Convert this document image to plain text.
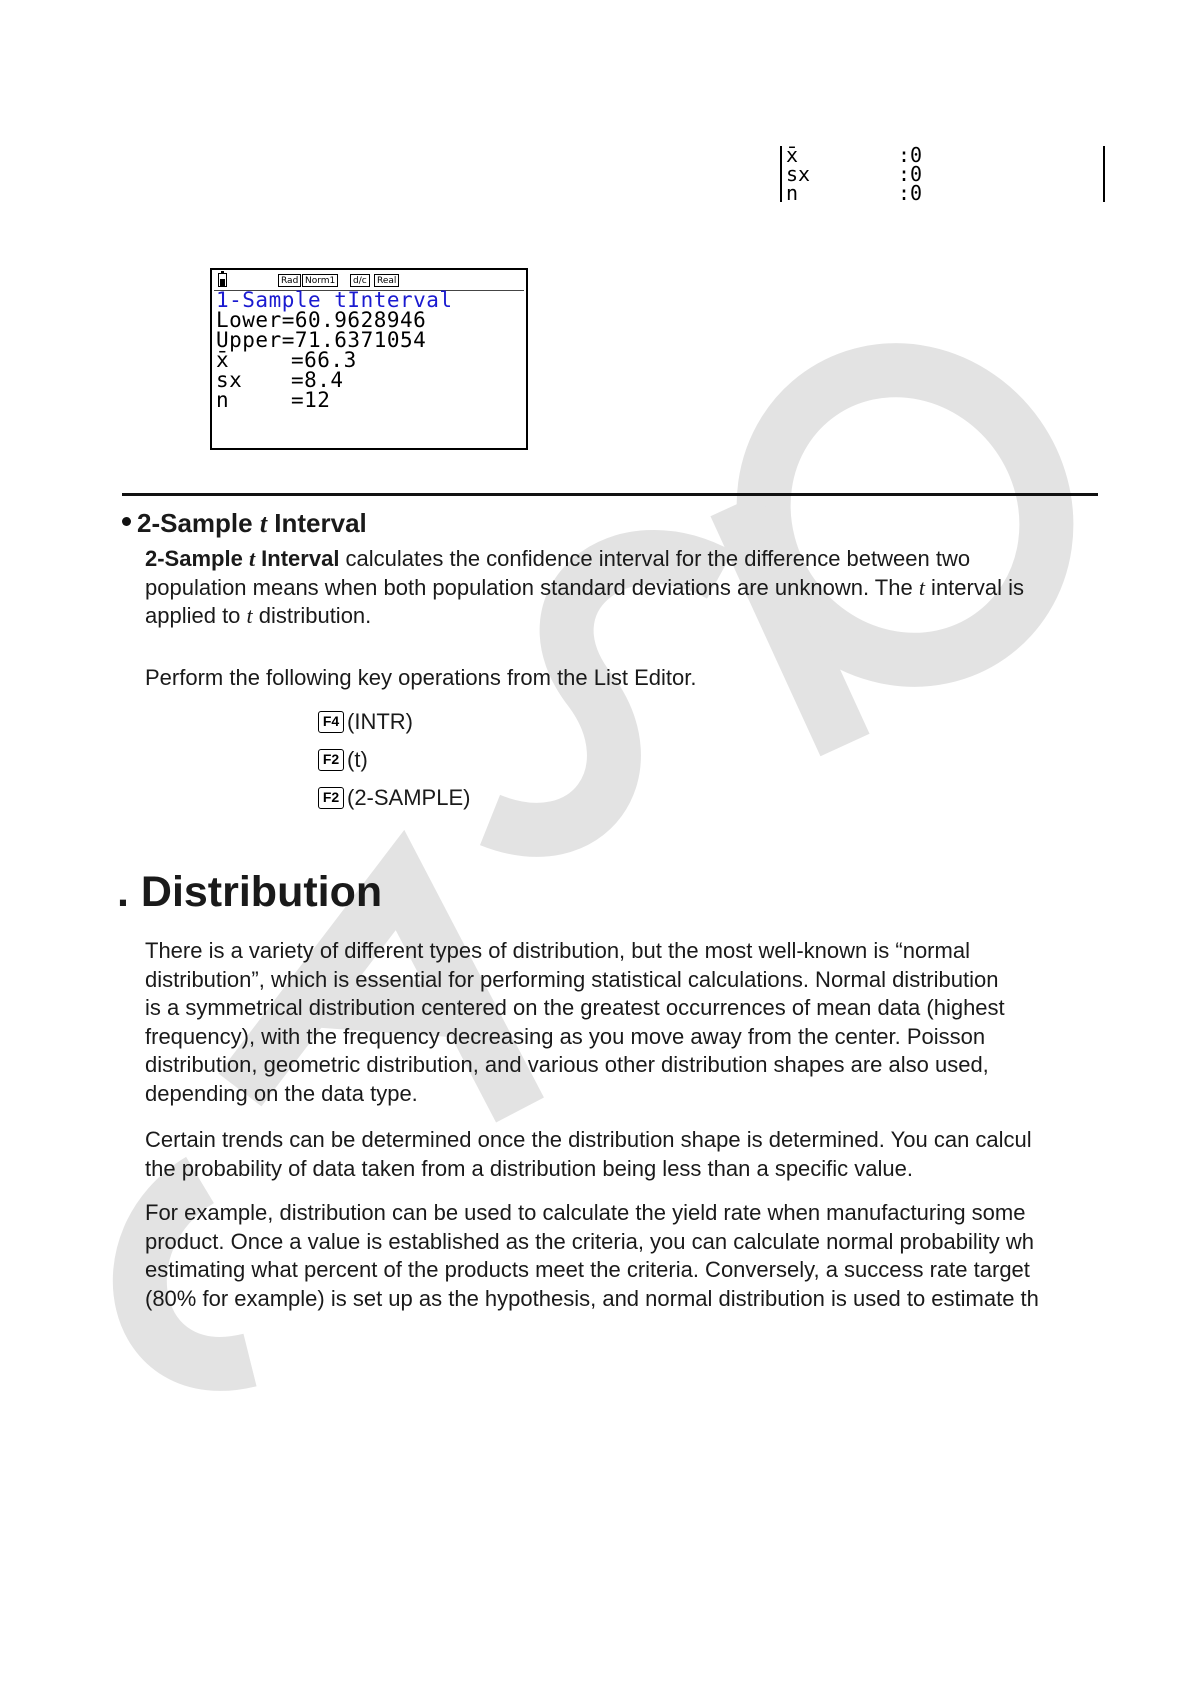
x̄	:0
sx	:0
n	:0
Rad Norm1	d/c	Real
1-Sample tInterval
Lower=60.9628946
Upper=71.6371054
x̄	=66.3
sx =8.4
n	=12
2-Sample t Interval
2-Sample t Interval calculates the confidence interval for the difference between two
population means when both population standard deviations are unknown. The t interval is
applied to t distribution.
Perform the following key operations from the List Editor.
F4 (INTR)
F2 (t)
F2 (2-SAMPLE)
. Distribution
There is a variety of different types of distribution, but the most well-known is “normal
distribution”, which is essential for performing statistical calculations. Normal distribution
is a symmetrical distribution centered on the greatest occurrences of mean data (highest
frequency), with the frequency decreasing as you move away from the center. Poisson
distribution, geometric distribution, and various other distribution shapes are also used,
depending on the data type.
Certain trends can be determined once the distribution shape is determined. You can calcul
the probability of data taken from a distribution being less than a specific value.
For example, distribution can be used to calculate the yield rate when manufacturing some
product. Once a value is established as the criteria, you can calculate normal probability wh
estimating what percent of the products meet the criteria. Conversely, a success rate target
(80% for example) is set up as the hypothesis, and normal distribution is used to estimate th
